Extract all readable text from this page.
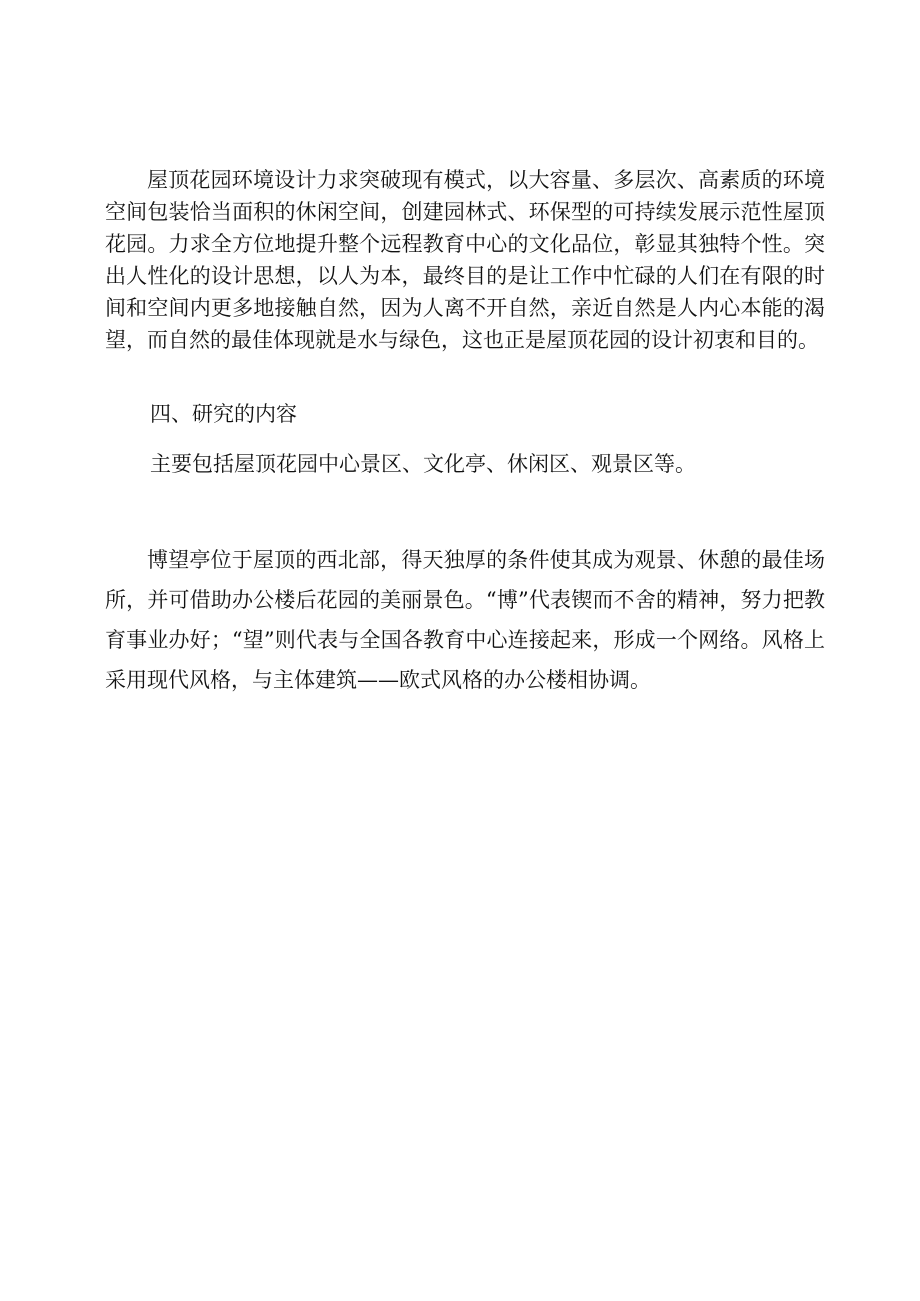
屋顶花园环境设计力求突破现有模式，以大容量、多层次、高素质的环境空间包装恰当面积的休闲空间，创建园林式、环保型的可持续发展示范性屋顶花园。力求全方位地提升整个远程教育中心的文化品位，彰显其独特个性。突出人性化的设计思想，以人为本，最终目的是让工作中忙碌的人们在有限的时间和空间内更多地接触自然，因为人离不开自然，亲近自然是人内心本能的渴望，而自然的最佳体现就是水与绿色，这也正是屋顶花园的设计初衷和目的。

四、研究的内容

主要包括屋顶花园中心景区、文化亭、休闲区、观景区等。

博望亭位于屋顶的西北部，得天独厚的条件使其成为观景、休憩的最佳场所，并可借助办公楼后花园的美丽景色。“博”代表锲而不舍的精神，努力把教育事业办好；“望”则代表与全国各教育中心连接起来，形成一个网络。风格上采用现代风格，与主体建筑——欧式风格的办公楼相协调。
